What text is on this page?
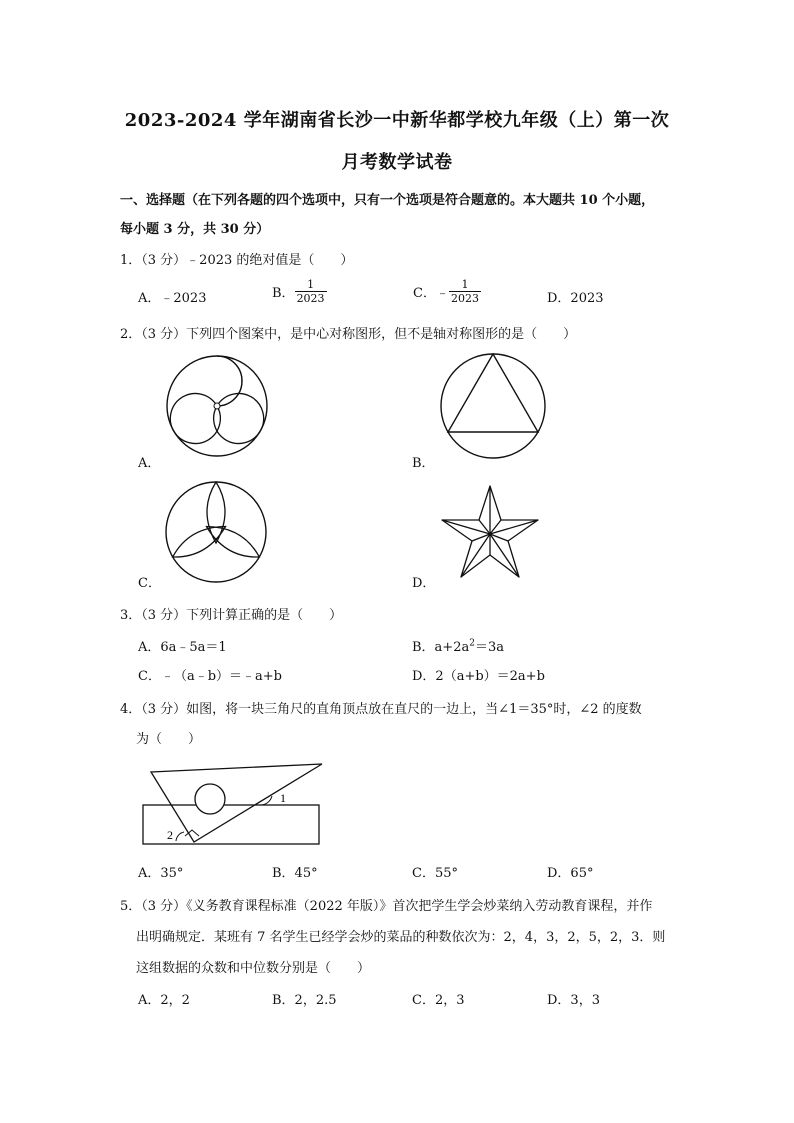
2023-2024 学年湖南省长沙一中新华都学校九年级（上）第一次
月考数学试卷
一、选择题（在下列各题的四个选项中，只有一个选项是符合题意的。本大题共 10 个小题，
每小题 3 分，共 30 分）
1．（3 分）﹣2023 的绝对值是（　　）
A．﹣2023	B． $\frac{1}{2023}$	C．﹣ $\frac{1}{2023}$	D．2023
2．（3 分）下列四个图案中，是中心对称图形，但不是轴对称图形的是（　　）
A．	B．
C．	D．
3．（3 分）下列计算正确的是（　　）
A．6a﹣5a＝1	B．$a+2a^2=3a$
C．﹣（a﹣b）＝﹣a+b	D．2（a+b）＝2a+b
4．（3 分）如图，将一块三角尺的直角顶点放在直尺的一边上，当∠1＝35°时，∠2 的度数
为（　　）
1
2
A．35°	B．45°	C．55°	D．65°
5．（3 分）《义务教育课程标准（2022 年版）》首次把学生学会炒菜纳入劳动教育课程，并作
出明确规定．某班有 7 名学生已经学会炒的菜品的种数依次为：2，4，3，2，5，2，3．则
这组数据的众数和中位数分别是（　　）
A．2，2	B．2，2.5	C．2，3	D．3，3
